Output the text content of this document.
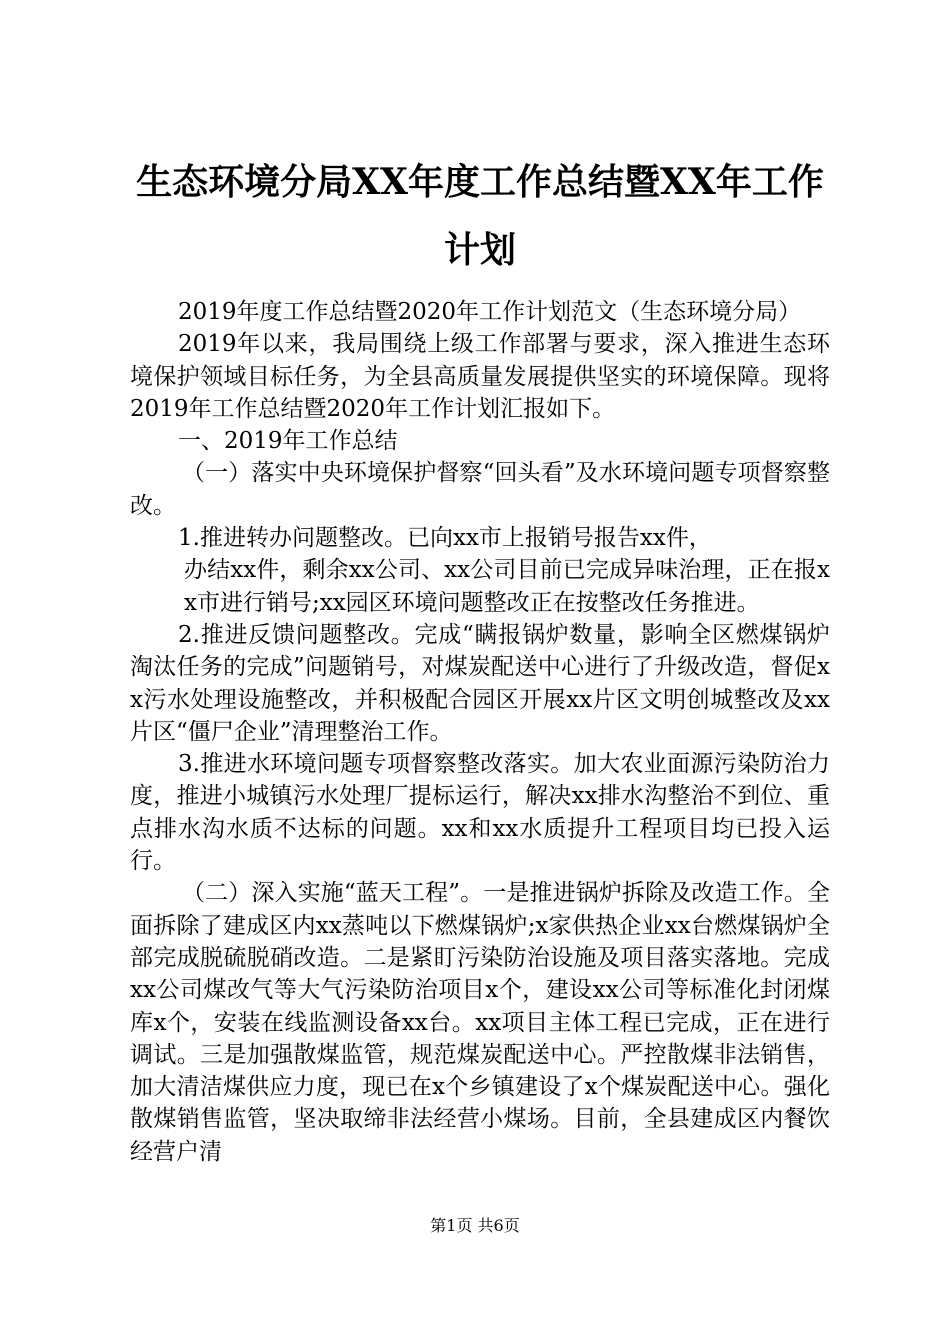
生态环境分局XX年度工作总结暨XX年工作计划

2019年度工作总结暨2020年工作计划范文（生态环境分局）

2019年以来，我局围绕上级工作部署与要求，深入推进生态环境保护领域目标任务，为全县高质量发展提供坚实的环境保障。现将2019年工作总结暨2020年工作计划汇报如下。

一、2019年工作总结

（一）落实中央环境保护督察“回头看”及水环境问题专项督察整改。

1.推进转办问题整改。已向xx市上报销号报告xx件，

办结xx件，剩余xx公司、xx公司目前已完成异味治理，正在报xx市进行销号;xx园区环境问题整改正在按整改任务推进。

2.推进反馈问题整改。完成“瞒报锅炉数量，影响全区燃煤锅炉淘汰任务的完成”问题销号，对煤炭配送中心进行了升级改造，督促xx污水处理设施整改，并积极配合园区开展xx片区文明创城整改及xx片区“僵尸企业”清理整治工作。

3.推进水环境问题专项督察整改落实。加大农业面源污染防治力度，推进小城镇污水处理厂提标运行，解决xx排水沟整治不到位、重点排水沟水质不达标的问题。xx和xx水质提升工程项目均已投入运行。

（二）深入实施“蓝天工程”。一是推进锅炉拆除及改造工作。全面拆除了建成区内xx蒸吨以下燃煤锅炉;x家供热企业xx台燃煤锅炉全部完成脱硫脱硝改造。二是紧盯污染防治设施及项目落实落地。完成xx公司煤改气等大气污染防治项目x个，建设xx公司等标准化封闭煤库x个，安装在线监测设备xx台。xx项目主体工程已完成，正在进行调试。三是加强散煤监管，规范煤炭配送中心。严控散煤非法销售，加大清洁煤供应力度，现已在x个乡镇建设了x个煤炭配送中心。强化散煤销售监管，坚决取缔非法经营小煤场。目前，全县建成区内餐饮经营户清

第1页 共6页
